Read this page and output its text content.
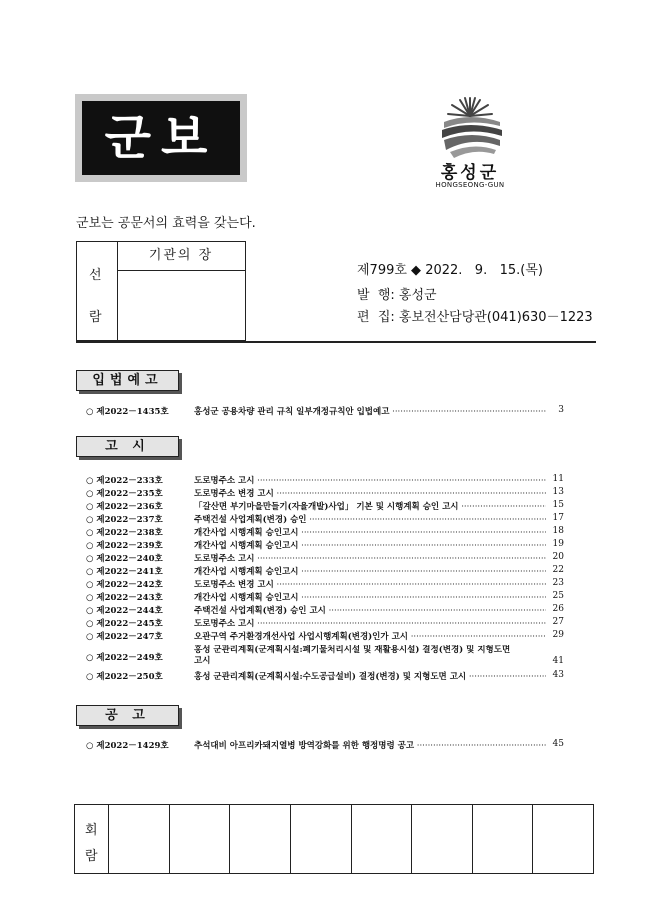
군보
홍성군
HONGSEONG-GUN
군보는 공문서의 효력을 갖는다.
선
람
기관의 장
제799호 ◆ 2022.   9.   15.(목)
발  행: 홍성군
편  집: 홍보전산담당관(041)630－1223
입법예고
○ 제2022－1435호	홍성군 공용차량 관리 규칙 일부개정규칙안 입법예고 ·····	3
고 시
○ 제2022－233호	도로명주소 고시 ·····	11
○ 제2022－235호	도로명주소 변경 고시 ·····	13
○ 제2022－236호	「갈산면 부기마을만들기(자율개발)사업」 기본 및 시행계획 승인 고시 ·····	15
○ 제2022－237호	주택건설 사업계획(변경) 승인 ·····	17
○ 제2022－238호	개간사업 시행계획 승인고시 ·····	18
○ 제2022－239호	개간사업 시행계획 승인고시 ·····	19
○ 제2022－240호	도로명주소 고시 ·····	20
○ 제2022－241호	개간사업 시행계획 승인고시 ·····	22
○ 제2022－242호	도로명주소 변경 고시 ·····	23
○ 제2022－243호	개간사업 시행계획 승인고시 ·····	25
○ 제2022－244호	주택건설 사업계획(변경) 승인 고시 ·····	26
○ 제2022－245호	도로명주소 고시 ·····	27
○ 제2022－247호	오관구역 주거환경개선사업 사업시행계획(변경)인가 고시 ·····	29
○ 제2022－249호
홍성 군관리계획(군계획시설:폐기물처리시설 및 재활용시설) 결정(변경) 및 지형도면 고시	41
○ 제2022－250호	홍성 군관리계획(군계획시설:수도공급설비) 결정(변경) 및 지형도면 고시 ·····	43
공 고
○ 제2022－1429호	추석대비 아프리카돼지열병 방역강화를 위한 행정명령 공고 ·····	45
회
람
